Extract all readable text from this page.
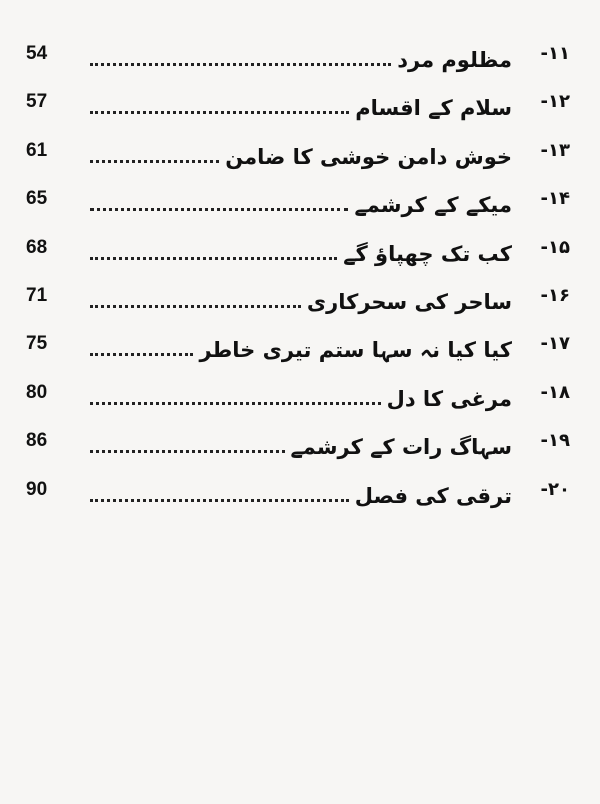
54	مظلوم مرد	۱۱-
57	سلام کے اقسام	۱۲-
61	خوش دامن خوشی کا ضامن	۱۳-
65	میکے کے کرشمے	۱۴-
68	کب تک چھپاؤ گے	۱۵-
71	ساحر کی سحرکاری	۱۶-
75	کیا کیا نہ سہا ستم تیری خاطر	۱۷-
80	مرغی کا دل	۱۸-
86	سہاگ رات کے کرشمے	۱۹-
90	ترقی کی فصل	۲۰-
